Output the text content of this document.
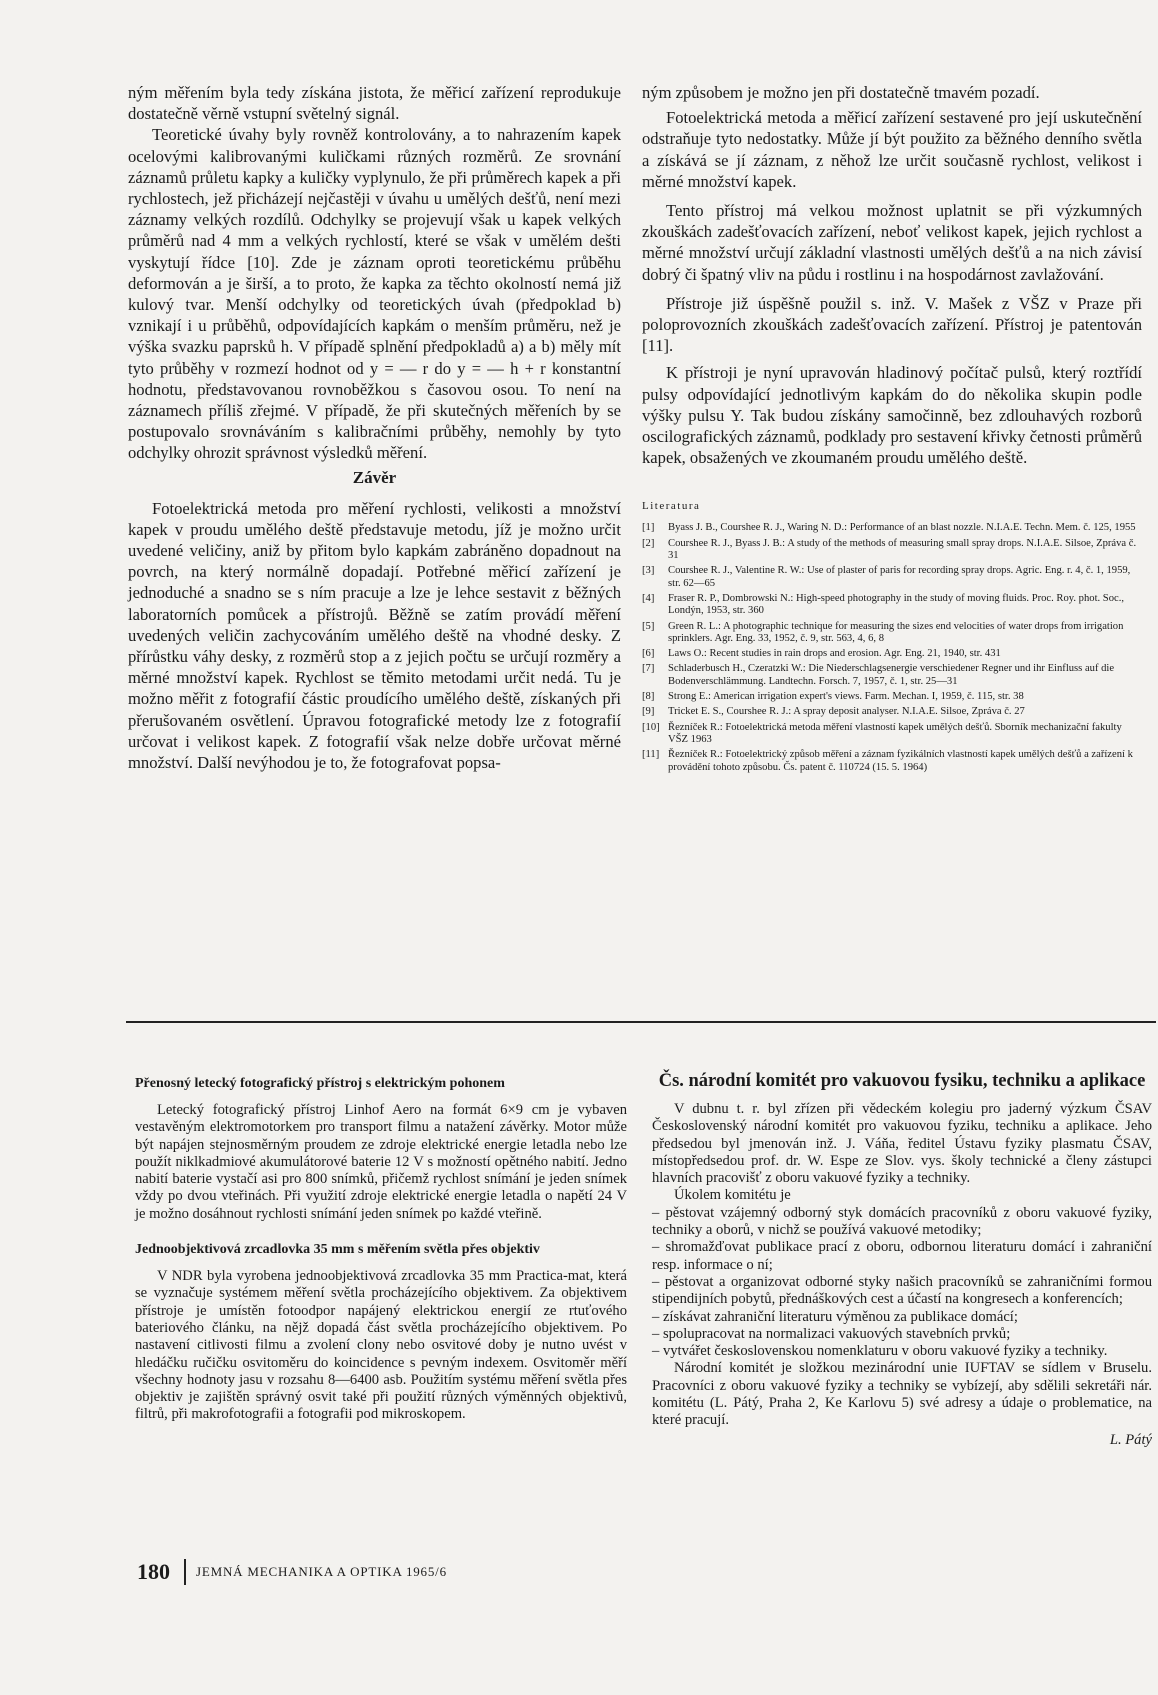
ným měřením byla tedy získána jistota, že měřicí zařízení reprodukuje dostatečně věrně vstupní světelný signál.

Teoretické úvahy byly rovněž kontrolovány, a to nahrazením kapek ocelovými kalibrovanými kuličkami různých rozměrů. Ze srovnání záznamů průletu kapky a kuličky vyplynulo, že při průměrech kapek a při rychlostech, jež přicházejí nejčastěji v úvahu u umělých dešťů, není mezi záznamy velkých rozdílů. Odchylky se projevují však u kapek velkých průměrů nad 4 mm a velkých rychlostí, které se však v umělém dešti vyskytují řídce [10]. Zde je záznam oproti teoretickému průběhu deformován a je širší, a to proto, že kapka za těchto okolností nemá již kulový tvar. Menší odchylky od teoretických úvah (předpoklad b) vznikají i u průběhů, odpovídajících kapkám o menším průměru, než je výška svazku paprsků h. V případě splnění předpokladů a) a b) měly mít tyto průběhy v rozmezí hodnot od y = — r do y = — h + r konstantní hodnotu, představovanou rovnoběžkou s časovou osou. To není na záznamech příliš zřejmé. V případě, že při skutečných měřeních by se postupovalo srovnáváním s kalibračními průběhy, nemohly by tyto odchylky ohrozit správnost výsledků měření.

Závěr

Fotoelektrická metoda pro měření rychlosti, velikosti a množství kapek v proudu umělého deště představuje metodu, jíž je možno určit uvedené veličiny, aniž by přitom bylo kapkám zabráněno dopadnout na povrch, na který normálně dopadají. Potřebné měřicí zařízení je jednoduché a snadno se s ním pracuje a lze je lehce sestavit z běžných laboratorních pomůcek a přístrojů. Běžně se zatím provádí měření uvedených veličin zachycováním umělého deště na vhodné desky. Z přírůstku váhy desky, z rozměrů stop a z jejich počtu se určují rozměry a měrné množství kapek. Rychlost se těmito metodami určit nedá. Tu je možno měřit z fotografií částic proudícího umělého deště, získaných při přerušovaném osvětlení. Úpravou fotografické metody lze z fotografií určovat i velikost kapek. Z fotografií však nelze dobře určovat měrné množství. Další nevýhodou je to, že fotografovat popsa-

ným způsobem je možno jen při dostatečně tmavém pozadí.

Fotoelektrická metoda a měřicí zařízení sestavené pro její uskutečnění odstraňuje tyto nedostatky. Může jí být použito za běžného denního světla a získává se jí záznam, z něhož lze určit současně rychlost, velikost i měrné množství kapek.

Tento přístroj má velkou možnost uplatnit se při výzkumných zkouškách zadešťovacích zařízení, neboť velikost kapek, jejich rychlost a měrné množství určují základní vlastnosti umělých dešťů a na nich závisí dobrý či špatný vliv na půdu i rostlinu i na hospodárnost zavlažování.

Přístroje již úspěšně použil s. inž. V. Mašek z VŠZ v Praze při poloprovozních zkouškách zadešťovacích zařízení. Přístroj je patentován [11].

K přístroji je nyní upravován hladinový počítač pulsů, který roztřídí pulsy odpovídající jednotlivým kapkám do do několika skupin podle výšky pulsu Y. Tak budou získány samočinně, bez zdlouhavých rozborů oscilografických záznamů, podklady pro sestavení křivky četnosti průměrů kapek, obsažených ve zkoumaném proudu umělého deště.

Literatura
[1]	Byass J. B., Courshee R. J., Waring N. D.: Performance of an blast nozzle. N.I.A.E. Techn. Mem. č. 125, 1955
[2]	Courshee R. J., Byass J. B.: A study of the methods of measuring small spray drops. N.I.A.E. Silsoe, Zpráva č. 31
[3]	Courshee R. J., Valentine R. W.: Use of plaster of paris for recording spray drops. Agric. Eng. r. 4, č. 1, 1959, str. 62—65
[4]	Fraser R. P., Dombrowski N.: High-speed photography in the study of moving fluids. Proc. Roy. phot. Soc., Londýn, 1953, str. 360
[5]	Green R. L.: A photographic technique for measuring the sizes end velocities of water drops from irrigation sprinklers. Agr. Eng. 33, 1952, č. 9, str. 563, 4, 6, 8
[6]	Laws O.: Recent studies in rain drops and erosion. Agr. Eng. 21, 1940, str. 431
[7]	Schladerbusch H., Czeratzki W.: Die Niederschlagsenergie verschiedener Regner und ihr Einfluss auf die Bodenverschlämmung. Landtechn. Forsch. 7, 1957, č. 1, str. 25—31
[8]	Strong E.: American irrigation expert's views. Farm. Mechan. I, 1959, č. 115, str. 38
[9]	Tricket E. S., Courshee R. J.: A spray deposit analyser. N.I.A.E. Silsoe, Zpráva č. 27
[10] Řezníček R.: Fotoelektrická metoda měření vlastností kapek umělých dešťů. Sborník mechanizační fakulty VŠZ 1963
[11] Řezníček R.: Fotoelektrický způsob měření a záznam fyzikálních vlastností kapek umělých dešťů a zařízení k provádění tohoto způsobu. Čs. patent č. 110724 (15. 5. 1964)
Přenosný letecký fotografický přístroj s elektrickým pohonem

Letecký fotografický přístroj Linhof Aero na formát 6×9 cm je vybaven vestavěným elektromotorkem pro transport filmu a natažení závěrky. Motor může být napájen stejnosměrným proudem ze zdroje elektrické energie letadla nebo lze použít niklkadmiové akumulátorové baterie 12 V s možností opětného nabití. Jedno nabití baterie vystačí asi pro 800 snímků, přičemž rychlost snímání je jeden snímek vždy po dvou vteřinách. Při využití zdroje elektrické energie letadla o napětí 24 V je možno dosáhnout rychlosti snímání jeden snímek po každé vteřině.

Jednoobjektivová zrcadlovka 35 mm s měřením světla přes objektiv

V NDR byla vyrobena jednoobjektivová zrcadlovka 35 mm Practica-mat, která se vyznačuje systémem měření světla procházejícího objektivem. Za objektivem přístroje je umístěn fotoodpor napájený elektrickou energií ze rtuťového bateriového článku, na nějž dopadá část světla procházejícího objektivem. Po nastavení citlivosti filmu a zvolení clony nebo osvitové doby je nutno uvést v hledáčku ručičku osvitoměru do koincidence s pevným indexem. Osvitoměr měří všechny hodnoty jasu v rozsahu 8—6400 asb. Použitím systému měření světla přes objektiv je zajištěn správný osvit také při použití různých výměnných objektivů, filtrů, při makrofotografii a fotografii pod mikroskopem.

Čs. národní komitét pro vakuovou fysiku, techniku a aplikace

V dubnu t. r. byl zřízen při vědeckém kolegiu pro jaderný výzkum ČSAV Československý národní komitét pro vakuovou fyziku, techniku a aplikace. Jeho předsedou byl jmenován inž. J. Váňa, ředitel Ústavu fyziky plasmatu ČSAV, místopředsedou prof. dr. W. Espe ze Slov. vys. školy technické a členy zástupci hlavních pracovišť z oboru vakuové fyziky a techniky.

Úkolem komitétu je

– pěstovat vzájemný odborný styk domácích pracovníků z oboru vakuové fyziky, techniky a oborů, v nichž se používá vakuové metodiky;

– shromažďovat publikace prací z oboru, odbornou literaturu domácí i zahraniční resp. informace o ní;

– pěstovat a organizovat odborné styky našich pracovníků se zahraničními formou stipendijních pobytů, přednáškových cest a účastí na kongresech a konferencích;

– získávat zahraniční literaturu výměnou za publikace domácí;

– spolupracovat na normalizaci vakuových stavebních prvků;

– vytvářet československou nomenklaturu v oboru vakuové fyziky a techniky.

Národní komitét je složkou mezinárodní unie IUFTAV se sídlem v Bruselu. Pracovníci z oboru vakuové fyziky a techniky se vybízejí, aby sdělili sekretáři nár. komitétu (L. Pátý, Praha 2, Ke Karlovu 5) své adresy a údaje o problematice, na které pracují.

L. Pátý

180 JEMNÁ MECHANIKA A OPTIKA 1965/6
